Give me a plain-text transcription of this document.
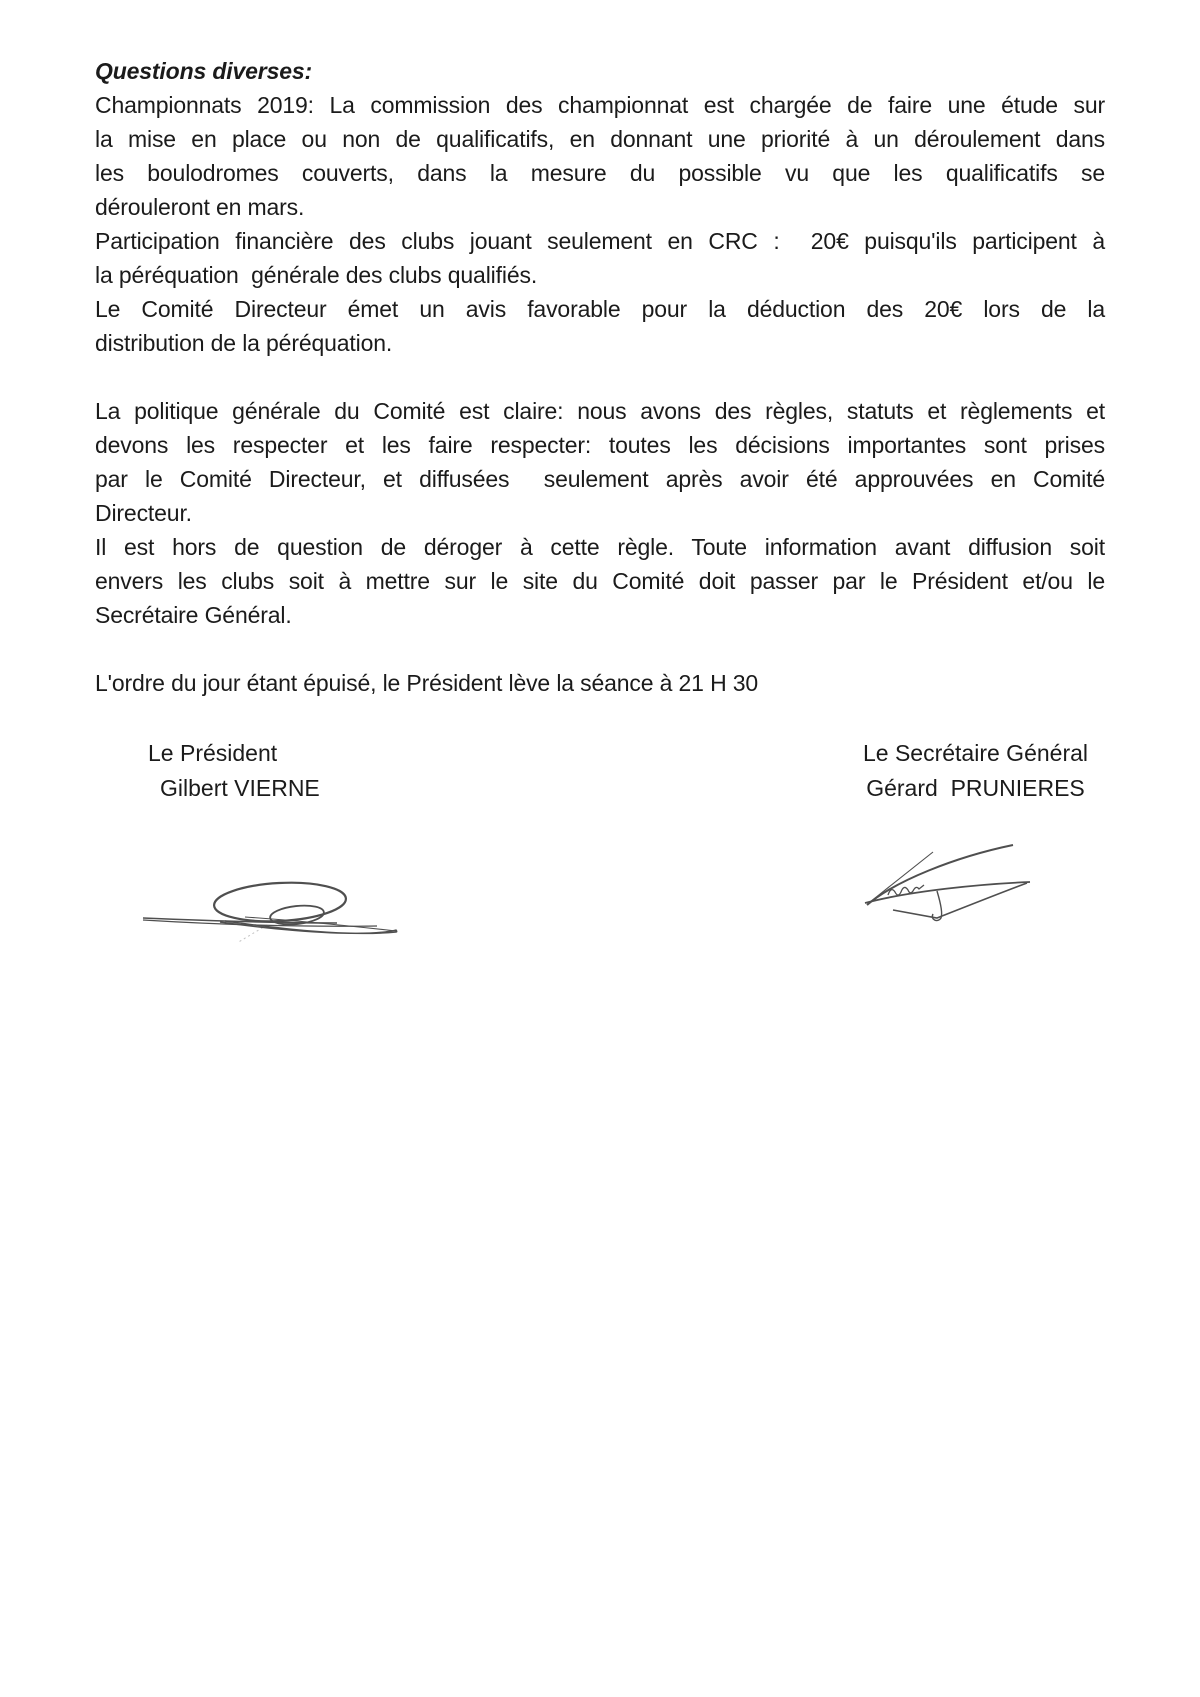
Questions diverses:
Championnats 2019: La commission des championnat est chargée de faire une étude sur
la mise en place ou non de qualificatifs, en donnant une priorité à un déroulement dans
les boulodromes couverts, dans la mesure du possible vu que les qualificatifs se
dérouleront en mars.
Participation financière des clubs jouant seulement en CRC :  20€ puisqu'ils participent à
la péréquation  générale des clubs qualifiés.
Le Comité Directeur émet un avis favorable pour la déduction des 20€ lors de la
distribution de la péréquation.
La politique générale du Comité est claire: nous avons des règles, statuts et règlements et
devons les respecter et les faire respecter: toutes les décisions importantes sont prises
par le Comité Directeur, et diffusées  seulement après avoir été approuvées en Comité
Directeur.
Il est hors de question de déroger à cette règle. Toute information avant diffusion soit
envers les clubs soit à mettre sur le site du Comité doit passer par le Président et/ou le
Secrétaire Général.
L'ordre du jour étant épuisé, le Président lève la séance à 21 H 30
Le Président
Gilbert VIERNE
Le Secrétaire Général
Gérard  PRUNIERES
